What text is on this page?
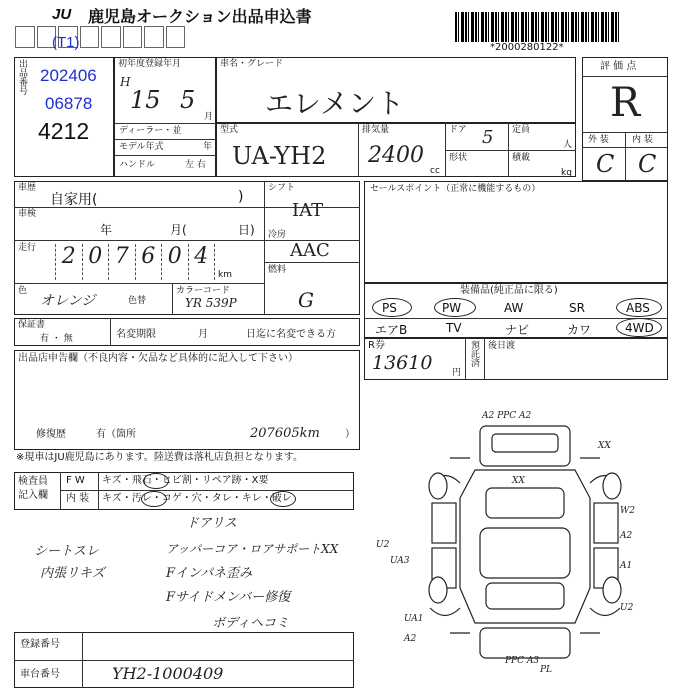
JU 鹿児島オークション出品申込書
*2000280122*
出品番号
(T1)
202406
06878
4212
初年度登録年月
H
15 5
月
車名・グレード
エレメント
ディーラー・並
モデル年式	年
ハンドル	左 右
型式
UA-YH2
排気量
2400
cc
ドア 5 定員
人
形状	積載
kg
評 価 点
R
外 装	内 装
C C
車歴
自家用(	)
車検
年	月(	日)
走行	2 0 7 6 0 4
km
色
オレンジ	色替
カラーコード
YR 539P
シフト
IAT
冷房
AAC
燃料
G
セールスポイント（正常に機能するもの）
装備品(純正品に限る)
PS	PW	AW	SR	ABS
エアB	TV	ナビ	カワ	4WD
保証書
有 ・ 無	名変期限	月	日迄に名変できる方
出品店申告欄（不良内容・欠品など具体的に記入して下さい）
修復歴	有（箇所	207605km	）
R券
13610 円
預託済 後日渡
※現車はJU鹿児島にあります。陸送費は落札店負担となります。
検査員
記入欄
F W キズ・飛石・ヒビ割・リペア跡・X要
内 装 キズ・汚レ・コゲ・穴・タレ・キレ・破レ
ドアリス
シートスレ	アッパーコア・ロアサポートXX
内張リキズ	Fインパネ歪み
Fサイドメンバー修復
ボディヘコミ
A2 PPC A2
XX
XX
W2
A2
A1
U2
PPC A3
U2
UA3
UA1
A2
PL
登録番号
車台番号	YH2-1000409
